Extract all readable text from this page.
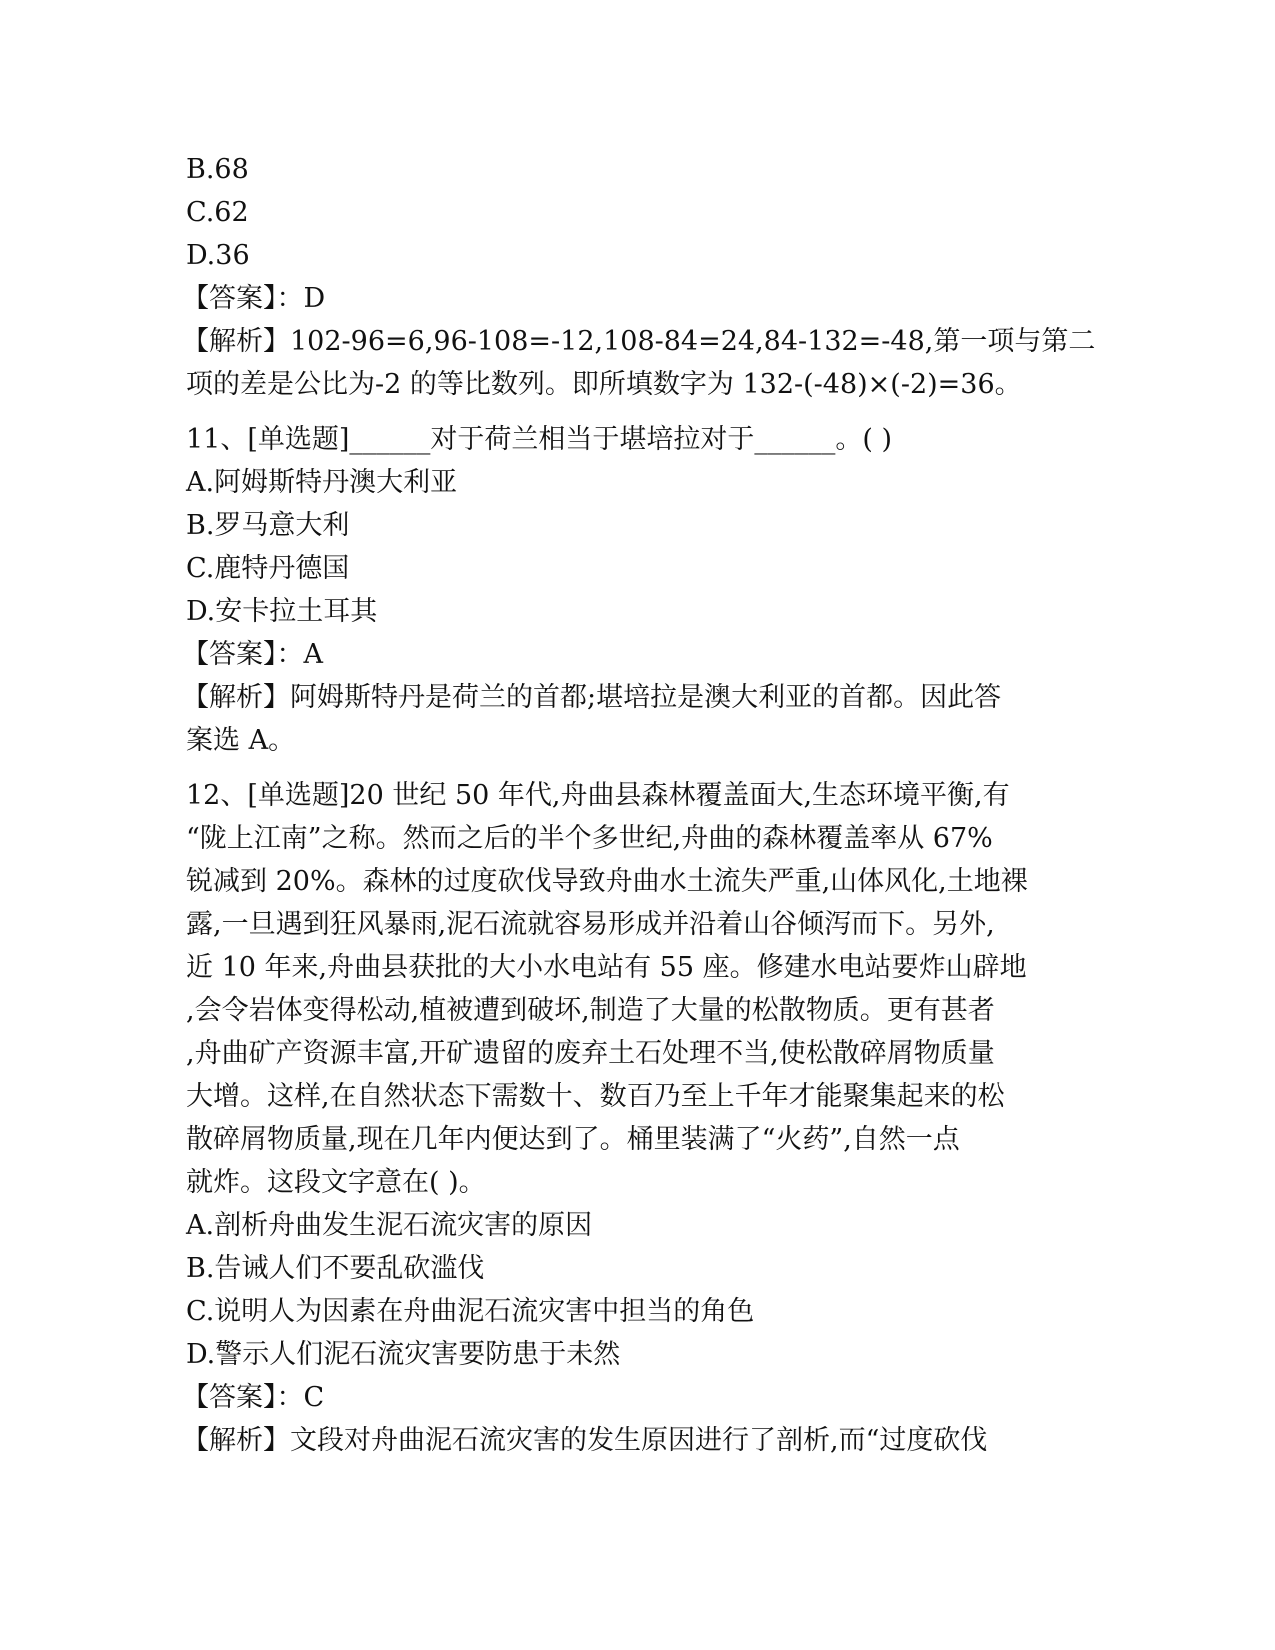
B.68
C.62
D.36
【答案】：D
【解析】102-96=6,96-108=-12,108-84=24,84-132=-48,第一项与第二
项的差是公比为-2 的等比数列。即所填数字为 132-(-48)×(-2)=36。
11、[单选题]______对于荷兰相当于堪培拉对于______。( )
A.阿姆斯特丹澳大利亚
B.罗马意大利
C.鹿特丹德国
D.安卡拉土耳其
【答案】：A
【解析】阿姆斯特丹是荷兰的首都;堪培拉是澳大利亚的首都。因此答
案选 A。
12、[单选题]20 世纪 50 年代,舟曲县森林覆盖面大,生态环境平衡,有
“陇上江南”之称。然而之后的半个多世纪,舟曲的森林覆盖率从 67%
锐减到 20%。森林的过度砍伐导致舟曲水土流失严重,山体风化,土地裸
露,一旦遇到狂风暴雨,泥石流就容易形成并沿着山谷倾泻而下。另外,
近 10 年来,舟曲县获批的大小水电站有 55 座。修建水电站要炸山辟地
,会令岩体变得松动,植被遭到破坏,制造了大量的松散物质。更有甚者
,舟曲矿产资源丰富,开矿遗留的废弃土石处理不当,使松散碎屑物质量
大增。这样,在自然状态下需数十、数百乃至上千年才能聚集起来的松
散碎屑物质量,现在几年内便达到了。桶里装满了“火药”,自然一点
就炸。这段文字意在( )。
A.剖析舟曲发生泥石流灾害的原因
B.告诫人们不要乱砍滥伐
C.说明人为因素在舟曲泥石流灾害中担当的角色
D.警示人们泥石流灾害要防患于未然
【答案】：C
【解析】文段对舟曲泥石流灾害的发生原因进行了剖析,而“过度砍伐
